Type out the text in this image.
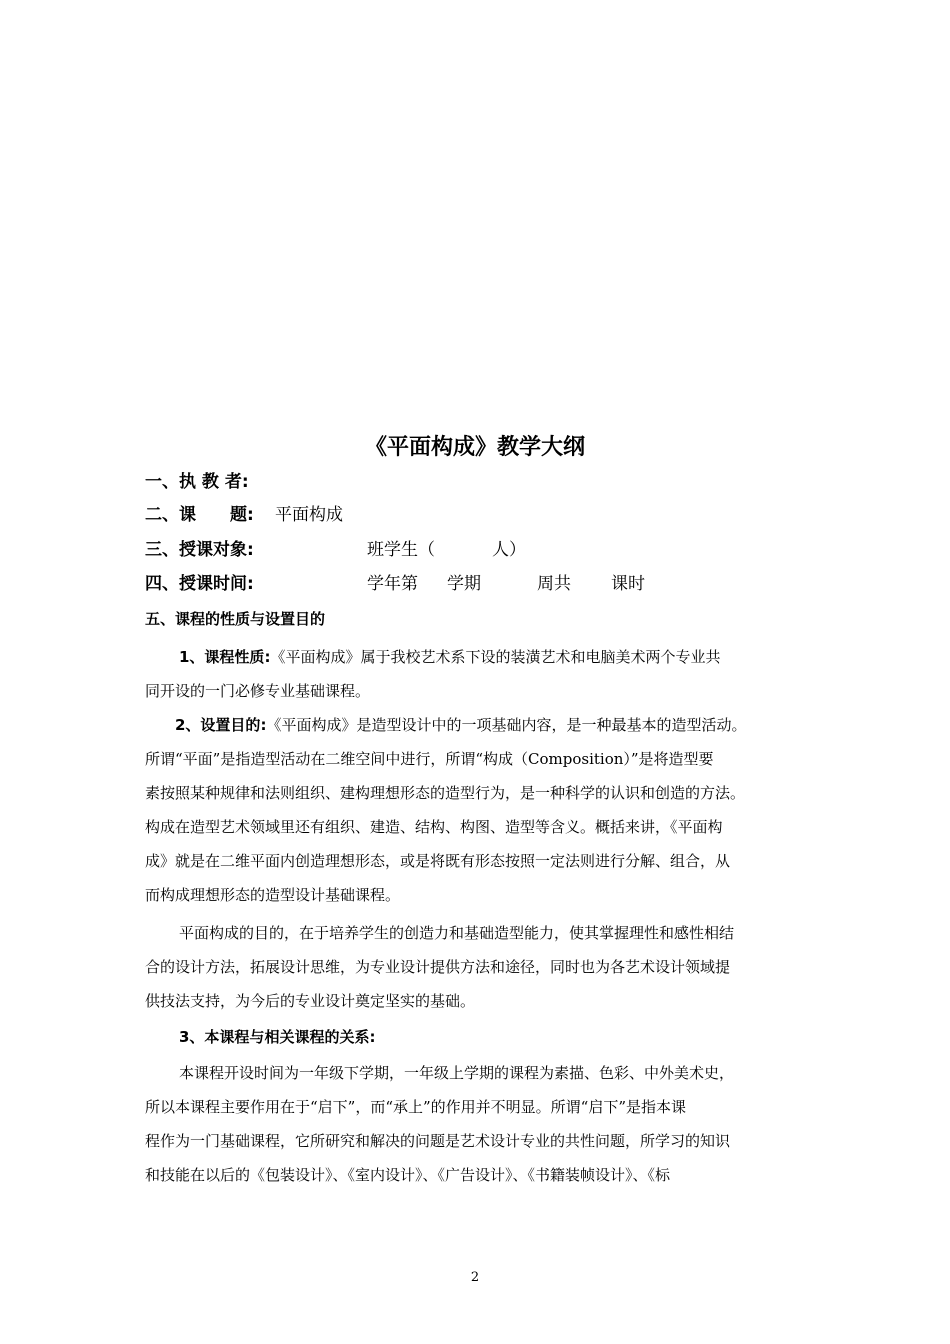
《平面构成》教学大纲
一、执 教 者:
二、课　　题: 平面构成
三、授课对象:	班学生（	人）
四、授课时间:	学年第 学期	周共 课时
五、课程的性质与设置目的
1、课程性质:《平面构成》属于我校艺术系下设的装潢艺术和电脑美术两个专业共
同开设的一门必修专业基础课程。
2、设置目的:《平面构成》是造型设计中的一项基础内容，是一种最基本的造型活动。
所谓“平面”是指造型活动在二维空间中进行，所谓“构成（Composition）”是将造型要
素按照某种规律和法则组织、建构理想形态的造型行为，是一种科学的认识和创造的方法。
构成在造型艺术领域里还有组织、建造、结构、构图、造型等含义。概括来讲，《平面构
成》就是在二维平面内创造理想形态，或是将既有形态按照一定法则进行分解、组合，从
而构成理想形态的造型设计基础课程。
平面构成的目的，在于培养学生的创造力和基础造型能力，使其掌握理性和感性相结
合的设计方法，拓展设计思维，为专业设计提供方法和途径，同时也为各艺术设计领域提
供技法支持，为今后的专业设计奠定坚实的基础。
3、本课程与相关课程的关系:
本课程开设时间为一年级下学期，一年级上学期的课程为素描、色彩、中外美术史，
所以本课程主要作用在于“启下”，而“承上”的作用并不明显。所谓“启下”是指本课
程作为一门基础课程，它所研究和解决的问题是艺术设计专业的共性问题，所学习的知识
和技能在以后的《包装设计》、《室内设计》、《广告设计》、《书籍装帧设计》、《标
2
